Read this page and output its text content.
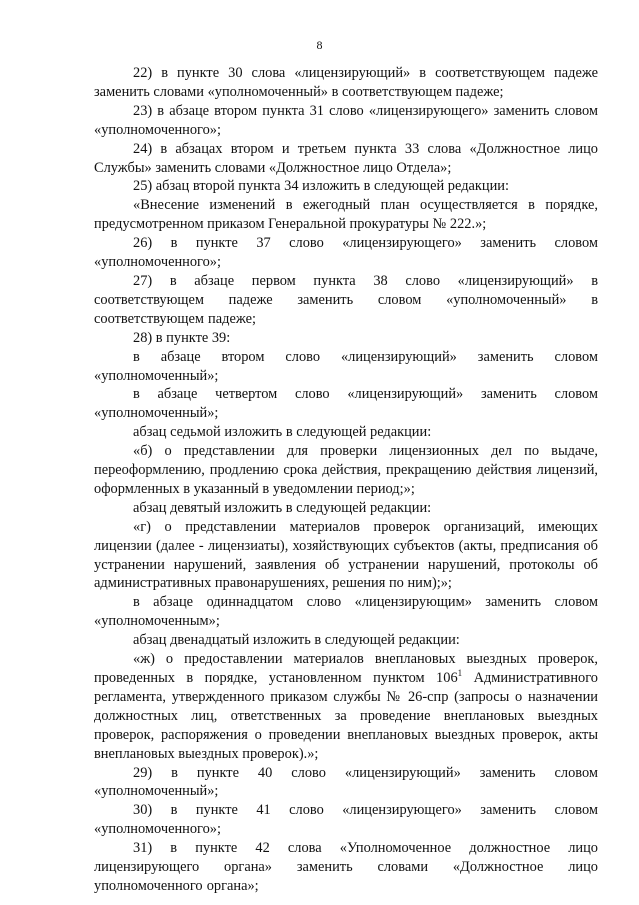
8

22) в пункте 30 слова «лицензирующий» в соответствующем падеже заменить словами «уполномоченный» в соответствующем падеже;

23) в абзаце втором пункта 31 слово «лицензирующего» заменить словом «уполномоченного»;

24) в абзацах втором и третьем пункта 33 слова «Должностное лицо Службы» заменить словами «Должностное лицо Отдела»;

25) абзац второй пункта 34 изложить в следующей редакции:

«Внесение изменений в ежегодный план осуществляется в порядке, предусмотренном приказом Генеральной прокуратуры № 222.»;

26) в пункте 37 слово «лицензирующего» заменить словом «уполномоченного»;

27) в абзаце первом пункта 38 слово «лицензирующий» в соответствующем падеже заменить словом «уполномоченный» в соответствующем падеже;

28) в пункте 39:

в абзаце втором слово «лицензирующий» заменить словом «уполномоченный»;

в абзаце четвертом слово «лицензирующий» заменить словом «уполномоченный»;

абзац седьмой изложить в следующей редакции:

«б) о представлении для проверки лицензионных дел по выдаче, переоформлению, продлению срока действия, прекращению действия лицензий, оформленных в указанный в уведомлении период;»;

абзац девятый изложить в следующей редакции:

«г) о представлении материалов проверок организаций, имеющих лицензии (далее - лицензиаты), хозяйствующих субъектов (акты, предписания об устранении нарушений, заявления об устранении нарушений, протоколы об административных правонарушениях, решения по ним);»;

в абзаце одиннадцатом слово «лицензирующим» заменить словом «уполномоченным»;

абзац двенадцатый изложить в следующей редакции:

«ж) о предоставлении материалов внеплановых выездных проверок, проведенных в порядке, установленном пунктом $106^1$ Административного регламента, утвержденного приказом службы № 26-спр (запросы о назначении должностных лиц, ответственных за проведение внеплановых выездных проверок, распоряжения о проведении внеплановых выездных проверок, акты внеплановых выездных проверок).»;

29) в пункте 40 слово «лицензирующий» заменить словом «уполномоченный»;

30) в пункте 41 слово «лицензирующего» заменить словом «уполномоченного»;

31) в пункте 42 слова «Уполномоченное должностное лицо лицензирующего органа» заменить словами «Должностное лицо уполномоченного органа»;
